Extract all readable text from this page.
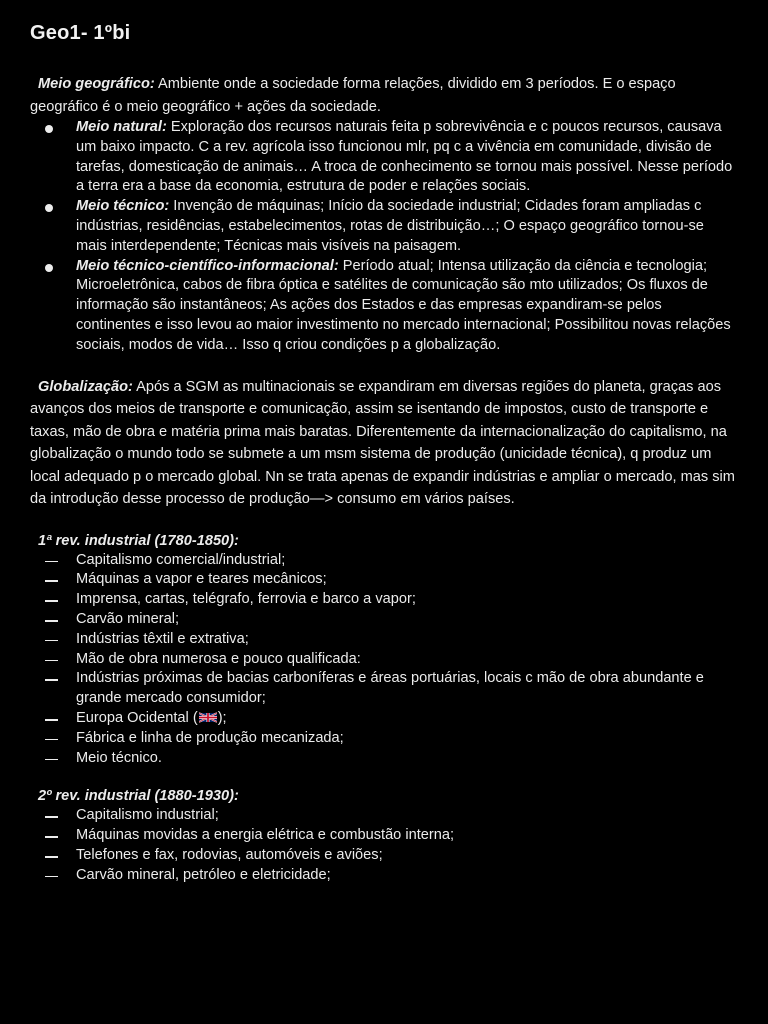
Geo1- 1ºbi

Meio geográfico: Ambiente onde a sociedade forma relações, dividido em 3 períodos. E o espaço geográfico é o meio geográfico + ações da sociedade.

Meio natural: Exploração dos recursos naturais feita p sobrevivência e c poucos recursos, causava um baixo impacto. C a rev. agrícola isso funcionou mlr, pq c a vivência em comunidade, divisão de tarefas, domesticação de animais… A troca de conhecimento se tornou mais possível. Nesse período a terra era a base da economia, estrutura de poder e relações sociais.
Meio técnico: Invenção de máquinas; Início da sociedade industrial; Cidades foram ampliadas c indústrias, residências, estabelecimentos, rotas de distribuição…; O espaço geográfico tornou-se mais interdependente; Técnicas mais visíveis na paisagem.
Meio técnico-científico-informacional: Período atual; Intensa utilização da ciência e tecnologia; Microeletrônica, cabos de fibra óptica e satélites de comunicação são mto utilizados; Os fluxos de informação são instantâneos; As ações dos Estados e das empresas expandiram-se pelos continentes e isso levou ao maior investimento no mercado internacional; Possibilitou novas relações sociais, modos de vida… Isso q criou condições p a globalização.

Globalização: Após a SGM as multinacionais se expandiram em diversas regiões do planeta, graças aos avanços dos meios de transporte e comunicação, assim se isentando de impostos, custo de transporte e taxas, mão de obra e matéria prima mais baratas. Diferentemente da internacionalização do capitalismo, na globalização o mundo todo se submete a um msm sistema de produção (unicidade técnica), q produz um local adequado p o mercado global. Nn se trata apenas de expandir indústrias e ampliar o mercado, mas sim da introdução desse processo de produção—> consumo em vários países.

1ª rev. industrial (1780-1850):

Capitalismo comercial/industrial;
Máquinas a vapor e teares mecânicos;
Imprensa, cartas, telégrafo, ferrovia e barco a vapor;
Carvão mineral;
Indústrias têxtil e extrativa;
Mão de obra numerosa e pouco qualificada:
Indústrias próximas de bacias carboníferas e áreas portuárias, locais c mão de obra abundante e grande mercado consumidor;
Europa Ocidental ( );
Fábrica e linha de produção mecanizada;
Meio técnico.

2º rev. industrial (1880-1930):

Capitalismo industrial;
Máquinas movidas a energia elétrica e combustão interna;
Telefones e fax, rodovias, automóveis e aviões;
Carvão mineral, petróleo e eletricidade;
